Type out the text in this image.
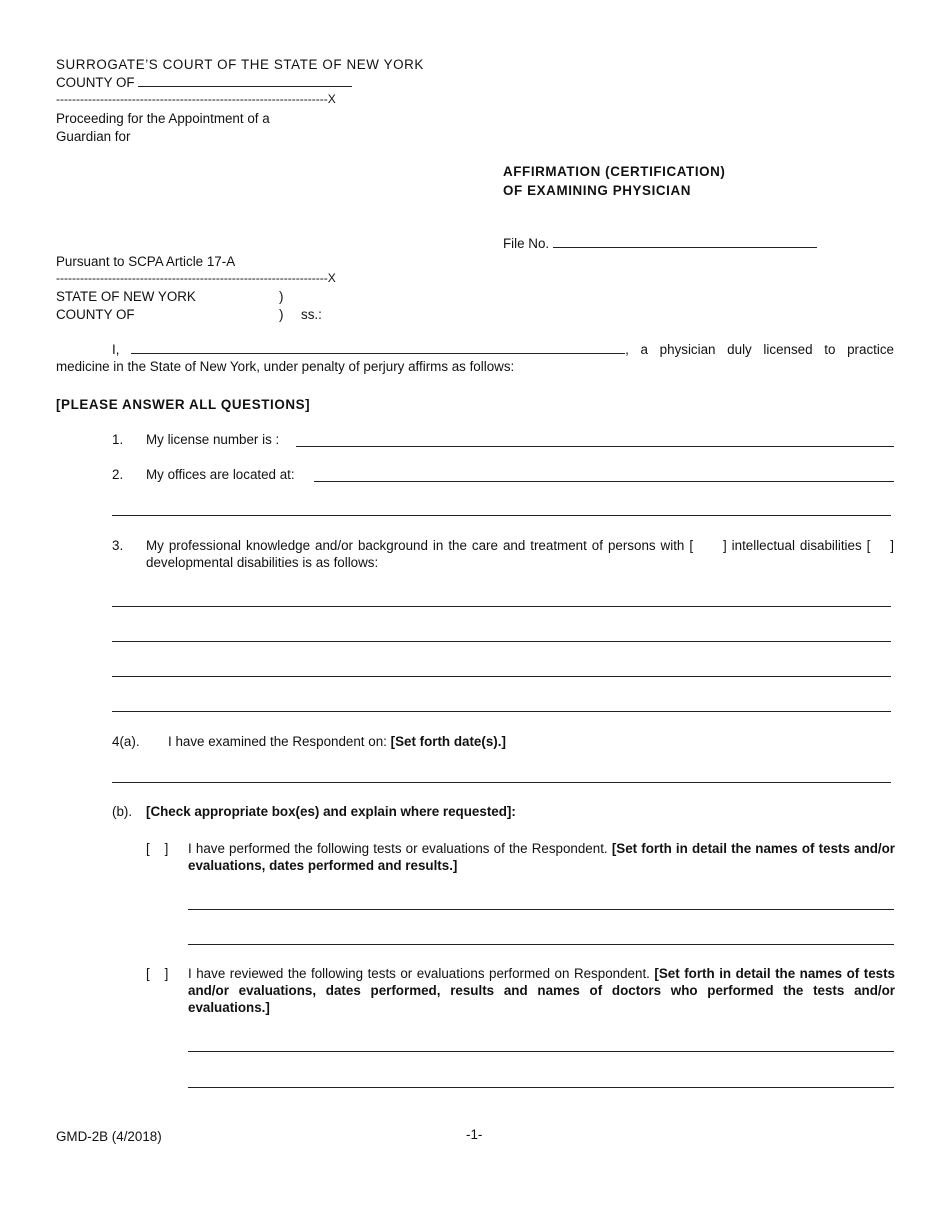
SURROGATE’S COURT OF THE STATE OF NEW YORK
COUNTY OF
--------------------------------------------------------------------X
Proceeding for the Appointment of a
Guardian for
AFFIRMATION (CERTIFICATION)
OF EXAMINING PHYSICIAN
File No.
Pursuant to SCPA Article 17-A
--------------------------------------------------------------------X
STATE OF NEW YORK	)
COUNTY OF	) ss.:
I,	, a physician duly licensed to practice medicine in the State of New York, under penalty of perjury affirms as follows:
[PLEASE ANSWER ALL QUESTIONS]
1. My license number is :
2. My offices are located at:
3. My professional knowledge and/or background in the care and treatment of persons with [      ] intellectual disabilities [    ] developmental disabilities is as follows:
4(a). I have examined the Respondent on: [Set forth date(s).]
(b). [Check appropriate box(es) and explain where requested]:
[    ] I have performed the following tests or evaluations of the Respondent. [Set forth in detail the names of tests and/or evaluations, dates performed and results.]
[    ] I have reviewed the following tests or evaluations performed on Respondent. [Set forth in detail the names of tests and/or evaluations, dates performed, results and names of doctors who performed the tests and/or evaluations.]
GMD-2B (4/2018)	-1-
